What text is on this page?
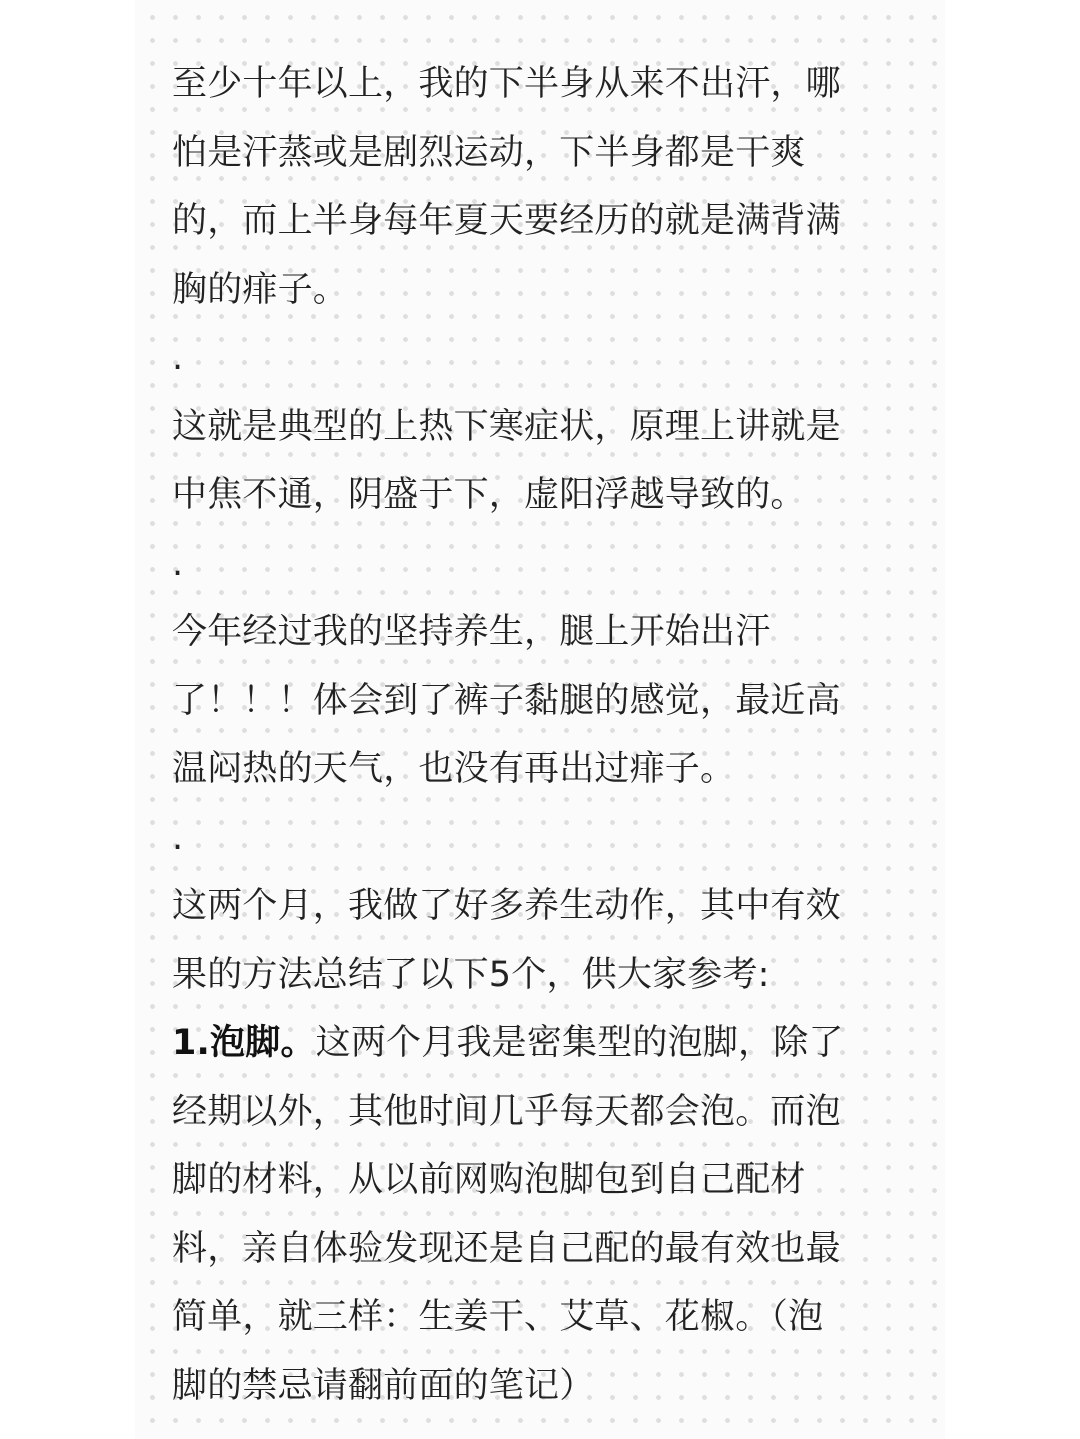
至少十年以上，我的下半身从来不出汗，哪
怕是汗蒸或是剧烈运动，下半身都是干爽
的，而上半身每年夏天要经历的就是满背满
胸的痱子。

.

这就是典型的上热下寒症状，原理上讲就是
中焦不通，阴盛于下，虚阳浮越导致的。

.

今年经过我的坚持养生，腿上开始出汗
了！！！体会到了裤子黏腿的感觉，最近高
温闷热的天气，也没有再出过痱子。

.

这两个月，我做了好多养生动作，其中有效
果的方法总结了以下5个，供大家参考:

1.泡脚。这两个月我是密集型的泡脚，除了
经期以外，其他时间几乎每天都会泡。而泡
脚的材料，从以前网购泡脚包到自己配材
料，亲自体验发现还是自己配的最有效也最
简单，就三样：生姜干、艾草、花椒。（泡
脚的禁忌请翻前面的笔记）
